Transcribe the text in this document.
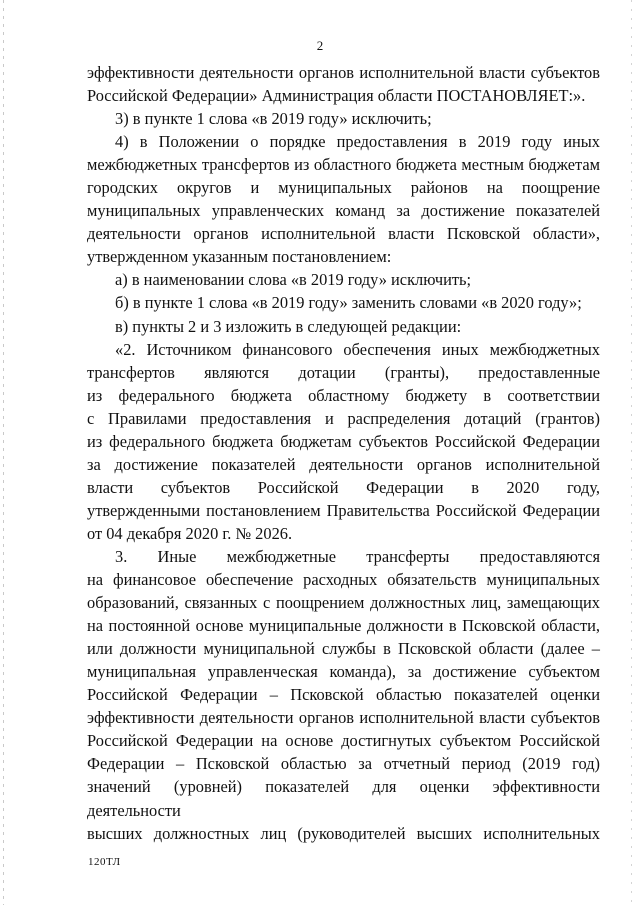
2
эффективности деятельности органов исполнительной власти субъектов
Российской Федерации» Администрация области ПОСТАНОВЛЯЕТ:».
3) в пункте 1 слова «в 2019 году» исключить;
4) в Положении о порядке предоставления в 2019 году иных
межбюджетных трансфертов из областного бюджета местным бюджетам
городских округов и муниципальных районов на поощрение
муниципальных управленческих команд за достижение показателей
деятельности органов исполнительной власти Псковской области»,
утвержденном указанным постановлением:
а) в наименовании слова «в 2019 году» исключить;
б) в пункте 1 слова «в 2019 году» заменить словами «в 2020 году»;
в) пункты 2 и 3 изложить в следующей редакции:
«2. Источником финансового обеспечения иных межбюджетных
трансфертов являются дотации (гранты), предоставленные
из федерального бюджета областному бюджету в соответствии
с Правилами предоставления и распределения дотаций (грантов)
из федерального бюджета бюджетам субъектов Российской Федерации
за достижение показателей деятельности органов исполнительной
власти субъектов Российской Федерации в 2020 году,
утвержденными постановлением Правительства Российской Федерации
от 04 декабря 2020 г. № 2026.
3. Иные межбюджетные трансферты предоставляются
на финансовое обеспечение расходных обязательств муниципальных
образований, связанных с поощрением должностных лиц, замещающих
на постоянной основе муниципальные должности в Псковской области,
или должности муниципальной службы в Псковской области (далее –
муниципальная управленческая команда), за достижение субъектом
Российской Федерации – Псковской областью показателей оценки
эффективности деятельности органов исполнительной власти субъектов
Российской Федерации на основе достигнутых субъектом Российской
Федерации – Псковской областью за отчетный период (2019 год)
значений (уровней) показателей для оценки эффективности деятельности
высших должностных лиц (руководителей высших исполнительных
120ТЛ
